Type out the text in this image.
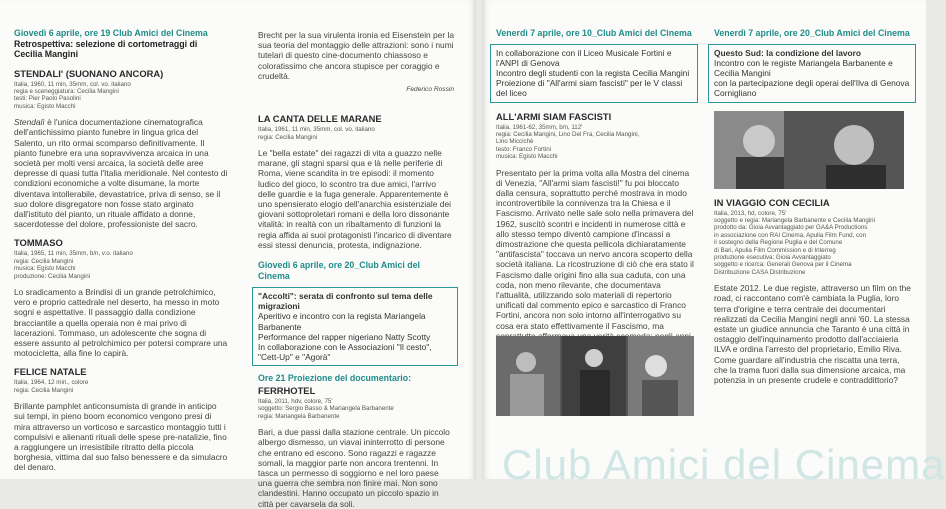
Giovedì 6 aprile, ore 19 Club Amici del Cinema
Retrospettiva: selezione di cortometraggi di Cecilia Mangini
STENDALI' (SUONANO ANCORA)
Italia, 1960, 11 min, 35mm, col. vo. italiano
regia e sceneggiatura: Cecilia Mangini
testi: Pier Paolo Pasolini
musica: Egisto Macchi
Stendalì è l'unica documentazione cinematografica dell'antichissimo pianto funebre in lingua grica del Salento, un rito ormai scomparso definitivamente. Il pianto funebre era una sopravvivenza arcaica in una società per molti versi arcaica, la società delle aree depresse di quasi tutta l'Italia meridionale. Nel contesto di condizioni economiche a volte disumane, la morte diventava intollerabile, devastatrice, priva di senso, se il suo dolore disgregatore non fosse stato arginato dall'istituto del pianto, un rituale affidato a donne, sacerdotesse del dolore, professioniste del sacro.
TOMMASO
Italia, 1965, 11 min, 35mm, b/n, v.o. italiano
regia: Cecilia Mangini
musica: Egisto Macchi
produzione: Cecilia Mangini
Lo sradicamento a Brindisi di un grande petrolchimico, vero e proprio cattedrale nel deserto, ha messo in moto sogni e aspettative. Il passaggio dalla condizione bracciantile a quella operaia non è mai privo di lacerazioni. Tommaso, un adolescente che sogna di essere assunto al petrolchimico per potersi comprare una motocicletta, alla fine lo capirà.
FELICE NATALE
Italia, 1964, 12 min., colore
regia: Cecilia Mangini
Brillante pamphlet anticonsumista di grande in anticipo sui tempi, in pieno boom economico vengono presi di mira attraverso un vorticoso e sarcastico montaggio tutti i compulsivi e alienanti rituali delle spese pre-natalizie, fino a raggiungere un irresistibile ritratto della piccola borghesia, vittima dal suo falso benessere e da simulacro del denaro.
Brecht per la sua virulenta ironia ed Eisenstein per la sua teoria del montaggio delle attrazioni: sono i numi tutelari di questo cine-documento chiassoso e coloratissimo che ancora stupisce per coraggio e crudeltà.
Federico Rossin
LA CANTA DELLE MARANE
Italia, 1961, 11 min, 35mm, col. vo. italiano
regia: Cecilia Mangini
Le "bella estate" dei ragazzi di vita a guazzo nelle marane, gli stagni sparsi qua e là nelle periferie di Roma, viene scandita in tre episodi: il momento ludico del gioco, lo scontro tra due amici, l'arrivo delle guardie e la fuga generale. Apparentemente è uno spensierato elogio dell'anarchia esistenziale dei giovani sottoproletari romani e della loro dissonante vitalità: in realtà con un ribaltamento di funzioni la regia affida ai suoi protagonisti l'incarico di diventare essi stessi denuncia, protesta, indignazione.
Giovedì 6 aprile, ore 20_Club Amici del Cinema
"Accolti": serata di confronto sul tema delle migrazioni
Aperitivo e incontro con la regista Mariangela Barbanente
Performance del rapper nigeriano Natty Scotty
In collaborazione con le Associazioni "Il cesto", "Cett-Up" e "Agorà"
Ore 21 Proiezione del documentario:
FERRHOTEL
Italia, 2011, hdv, colore, 75'
soggetto: Sergio Basso & Mariangela Barbanente
regia: Mariangela Barbanente
Bari, a due passi dalla stazione centrale. Un piccolo albergo dismesso, un viavai ininterrotto di persone che entrano ed escono. Sono ragazzi e ragazze somali, la maggior parte non ancora trentenni. In tasca un permesso di soggiorno e nel loro paese una guerra che sembra non finire mai. Non sono clandestini. Hanno occupato un piccolo spazio in città per cavarsela da soli.
Club Amici del Cinema
Venerdì 7 aprile, ore 10_Club Amici del Cinema
In collaborazione con il Liceo Musicale Fortini e l'ANPI di Genova
Incontro degli studenti con la regista Cecilia Mangini
Proiezione di "All'armi siam fascisti" per le V classi del liceo
ALL'ARMI SIAM FASCISTI
Italia, 1961-62, 35mm, b/n, 112'
regia: Cecilia Mangini, Lino Del Fra, Cecilia Mangini,
Lino Miccichè
testo: Franco Fortini
musica: Egisto Macchi
Presentato per la prima volta alla Mostra del cinema di Venezia, "All'armi siam fascisti!" fu poi bloccato dalla censura, soprattutto perché mostrava in modo incontrovertibile la connivenza tra la Chiesa e il Fascismo. Arrivato nelle sale solo nella primavera del 1962, suscitò scontri e incidenti in numerose città e allo stesso tempo diventò campione d'incassi a dimostrazione che questa pellicola dichiaratamente "antifascista" toccava un nervo ancora scoperto della società italiana. La ricostruzione di ciò che era stato il Fascismo dalle origini fino alla sua caduta, con una coda, non meno rilevante, che documentava l'attualità, utilizzando solo materiali di repertorio unificati dal commento epico e sarcastico di Franco Fortini, ancora non solo intorno all'interrogativo su cosa era stato effettivamente il Fascismo, ma
Venerdì 7 aprile, ore 20_Club Amici del Cinema
Questo Sud: la condizione del lavoro
Incontro con le registe Mariangela Barbanente e Cecilia Mangini
con la partecipazione degli operai dell'Ilva di Genova Cornigliano
IN VIAGGIO CON CECILIA
Italia, 2013, hd, colore, 75'
soggetto e regia: Mariangela Barbanente e Cecilia Mangini
prodotto da: Gioia Avvantaggiato per GA&A Productions
in associazione con RAI Cinema, Apulia Film Fund, con
il sostegno della Regione Puglia e del Comune
di Bari, Apulia Film Commission e di Interreg
produzione esecutiva: Gioia Avvantaggiato
soggetto e ricerca: Generali Genova per il Cinema
Distribuzione CASA Distribuzione
Estate 2012. Le due registe, attraverso un film on the road, ci raccontano com'è cambiata la Puglia, loro terra d'origine e terra centrale dei documentari realizzati da Cecilia Mangini negli anni '60. La stessa estate un giudice annuncia che Taranto è una città in ostaggio dell'inquinamento prodotto dall'acciaieria ILVA e ordina l'arresto del proprietario, Emilio Riva. Come guardare all'industria che riscatta una terra, che la trama fuori dalla sua dimensione arcaica, ma potenzia in un presente crudele e contraddittorio?
